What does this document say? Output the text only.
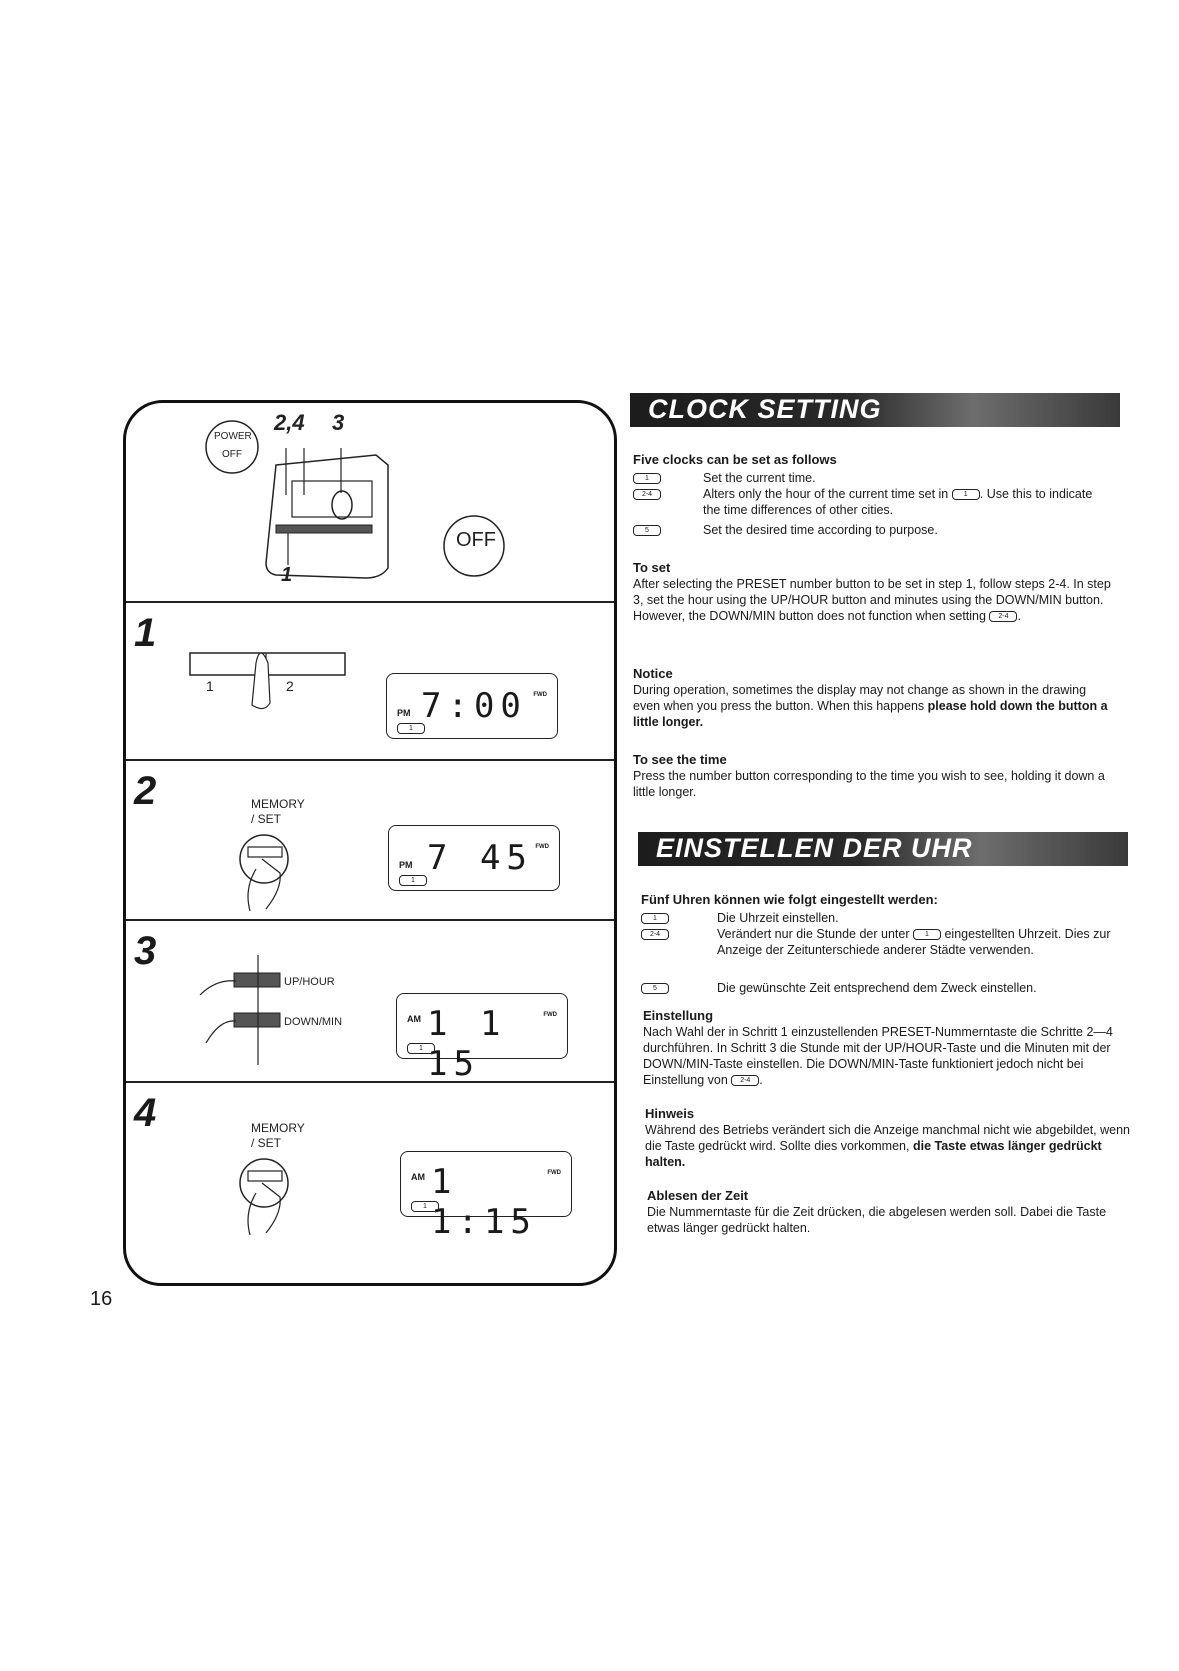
POWER
OFF
OFF
2,4 3
1
1
1	2
PM 7:00 FWD
1
2	MEMORY
/ SET
PM 7 45 FWD
1
3
UP/HOUR
DOWN/MIN	AM 1 1 15
FWD
1
4	MEMORY
/ SET
AM 1 1:15
FWD
1
16
CLOCK SETTING
Five clocks can be set as follows
1	Set the current time.
2-4	Alters only the hour of the current time set in 1 . Use this to indicate the time differences of other cities.
5	Set the desired time according to purpose.
To set
After selecting the PRESET number button to be set in step 1, follow steps 2-4. In step 3, set the hour using the UP/HOUR button and minutes using the DOWN/MIN button. However, the DOWN/MIN button does not function when setting 2-4 .
Notice
During operation, sometimes the display may not change as shown in the drawing even when you press the button. When this happens please hold down the button a little longer.
To see the time
Press the number button corresponding to the time you wish to see, holding it down a little longer.
EINSTELLEN DER UHR
Fünf Uhren können wie folgt eingestellt werden:
1	Die Uhrzeit einstellen.
2-4	Verändert nur die Stunde der unter 1 eingestellten Uhrzeit. Dies zur Anzeige der Zeitunterschiede anderer Städte verwenden.
5	Die gewünschte Zeit entsprechend dem Zweck einstellen.
Einstellung
Nach Wahl der in Schritt 1 einzustellenden PRESET-Nummerntaste die Schritte 2—4 durchführen. In Schritt 3 die Stunde mit der UP/HOUR-Taste und die Minuten mit der DOWN/MIN-Taste einstellen. Die DOWN/MIN-Taste funktioniert jedoch nicht bei Einstellung von 2-4 .
Hinweis
Während des Betriebs verändert sich die Anzeige manchmal nicht wie abgebildet, wenn die Taste gedrückt wird. Sollte dies vorkommen, die Taste etwas länger gedrückt halten.
Ablesen der Zeit
Die Nummerntaste für die Zeit drücken, die abgelesen werden soll. Dabei die Taste etwas länger gedrückt halten.
